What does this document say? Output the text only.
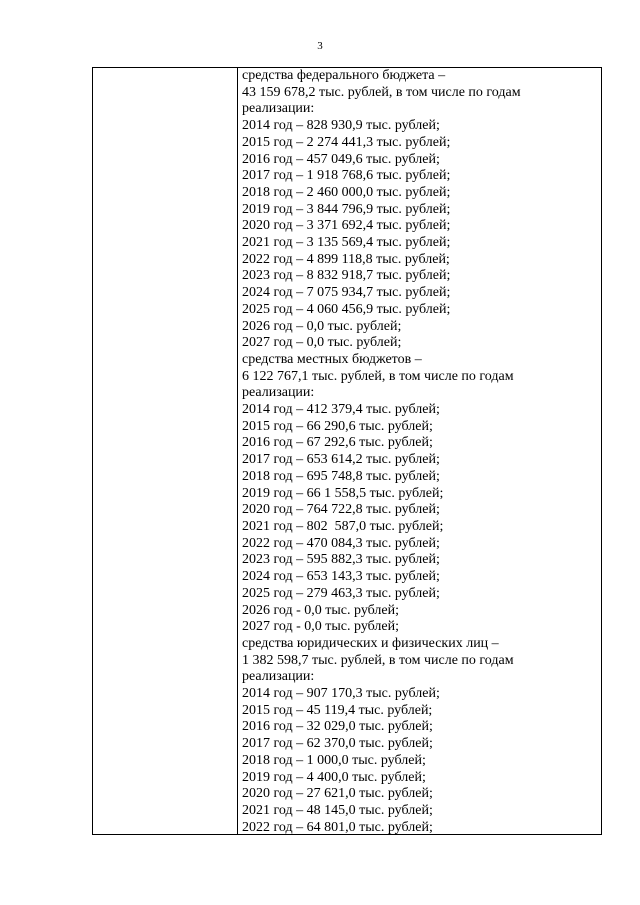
3
средства федерального бюджета –
43 159 678,2 тыс. рублей, в том числе по годам
реализации:
2014 год – 828 930,9 тыс. рублей;
2015 год – 2 274 441,3 тыс. рублей;
2016 год – 457 049,6 тыс. рублей;
2017 год – 1 918 768,6 тыс. рублей;
2018 год – 2 460 000,0 тыс. рублей;
2019 год – 3 844 796,9 тыс. рублей;
2020 год – 3 371 692,4 тыс. рублей;
2021 год – 3 135 569,4 тыс. рублей;
2022 год – 4 899 118,8 тыс. рублей;
2023 год – 8 832 918,7 тыс. рублей;
2024 год – 7 075 934,7 тыс. рублей;
2025 год – 4 060 456,9 тыс. рублей;
2026 год – 0,0 тыс. рублей;
2027 год – 0,0 тыс. рублей;
средства местных бюджетов –
6 122 767,1 тыс. рублей, в том числе по годам
реализации:
2014 год – 412 379,4 тыс. рублей;
2015 год – 66 290,6 тыс. рублей;
2016 год – 67 292,6 тыс. рублей;
2017 год – 653 614,2 тыс. рублей;
2018 год – 695 748,8 тыс. рублей;
2019 год – 66 1 558,5 тыс. рублей;
2020 год – 764 722,8 тыс. рублей;
2021 год – 802  587,0 тыс. рублей;
2022 год – 470 084,3 тыс. рублей;
2023 год – 595 882,3 тыс. рублей;
2024 год – 653 143,3 тыс. рублей;
2025 год – 279 463,3 тыс. рублей;
2026 год - 0,0 тыс. рублей;
2027 год - 0,0 тыс. рублей;
средства юридических и физических лиц –
1 382 598,7 тыс. рублей, в том числе по годам
реализации:
2014 год – 907 170,3 тыс. рублей;
2015 год – 45 119,4 тыс. рублей;
2016 год – 32 029,0 тыс. рублей;
2017 год – 62 370,0 тыс. рублей;
2018 год – 1 000,0 тыс. рублей;
2019 год – 4 400,0 тыс. рублей;
2020 год – 27 621,0 тыс. рублей;
2021 год – 48 145,0 тыс. рублей;
2022 год – 64 801,0 тыс. рублей;
